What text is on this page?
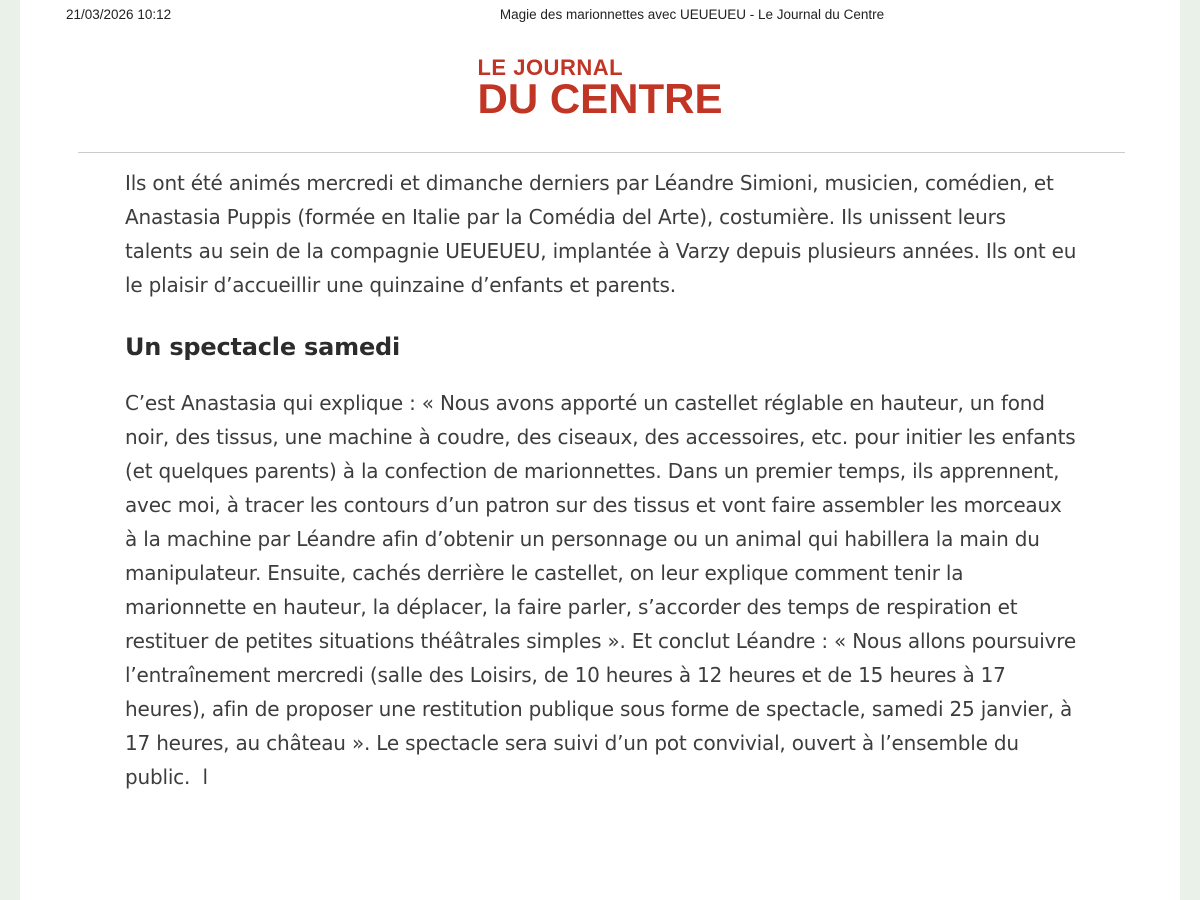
21/03/2026 10:12	Magie des marionnettes avec UEUEUEU - Le Journal du Centre
LE JOURNAL
DU CENTRE

Ils ont été animés mercredi et dimanche derniers par Léandre Simioni, musicien, comédien, et Anastasia Puppis (formée en Italie par la Comédia del Arte), costumière. Ils unissent leurs talents au sein de la compagnie UEUEUEU, implantée à Varzy depuis plusieurs années. Ils ont eu le plaisir d’accueillir une quinzaine d’enfants et parents.

Un spectacle samedi

C’est Anastasia qui explique : « Nous avons apporté un castellet réglable en hauteur, un fond noir, des tissus, une machine à coudre, des ciseaux, des accessoires, etc. pour initier les enfants (et quelques parents) à la confection de marionnettes. Dans un premier temps, ils apprennent, avec moi, à tracer les contours d’un patron sur des tissus et vont faire assembler les morceaux à la machine par Léandre afin d’obtenir un personnage ou un animal qui habillera la main du manipulateur. Ensuite, cachés derrière le castellet, on leur explique comment tenir la marionnette en hauteur, la déplacer, la faire parler, s’accorder des temps de respiration et restituer de petites situations théâtrales simples ». Et conclut Léandre : « Nous allons poursuivre l’entraînement mercredi (salle des Loisirs, de 10 heures à 12 heures et de 15 heures à 17 heures), afin de proposer une restitution publique sous forme de spectacle, samedi 25 janvier, à 17 heures, au château ». Le spectacle sera suivi d’un pot convivial, ouvert à l’ensemble du public.  l
